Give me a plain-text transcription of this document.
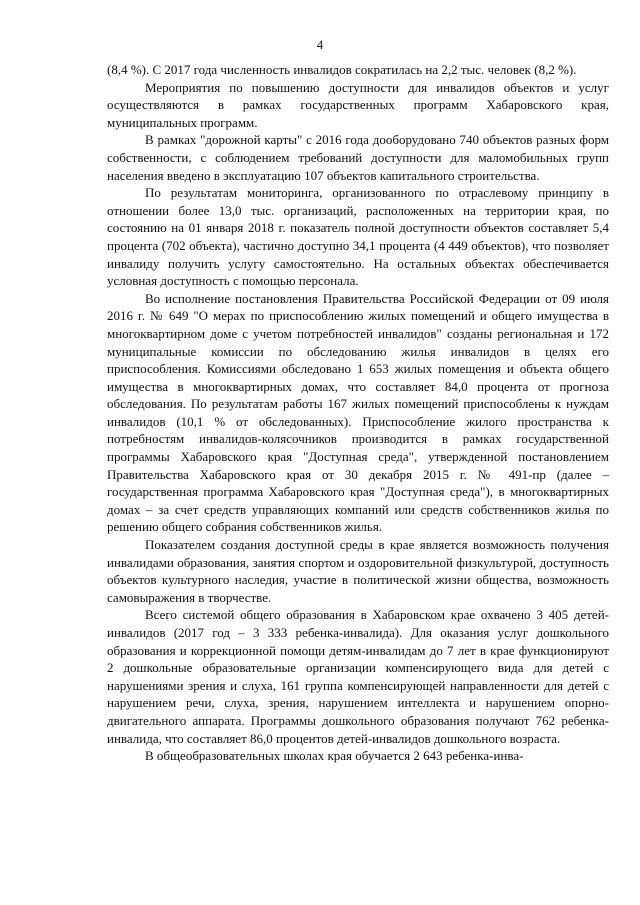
4

(8,4 %). С 2017 года численность инвалидов сократилась на 2,2 тыс. человек (8,2 %).

Мероприятия по повышению доступности для инвалидов объектов и услуг осуществляются в рамках государственных программ Хабаровского края, муниципальных программ.

В рамках "дорожной карты" с 2016 года дооборудовано 740 объектов разных форм собственности, с соблюдением требований доступности для маломобильных групп населения введено в эксплуатацию 107 объектов капитального строительства.

По результатам мониторинга, организованного по отраслевому принципу в отношении более 13,0 тыс. организаций, расположенных на территории края, по состоянию на 01 января 2018 г. показатель полной доступности объектов составляет 5,4 процента (702 объекта), частично доступно 34,1 процента (4 449 объектов), что позволяет инвалиду получить услугу самостоятельно. На остальных объектах обеспечивается условная доступность с помощью персонала.

Во исполнение постановления Правительства Российской Федерации от 09 июля 2016 г. № 649 "О мерах по приспособлению жилых помещений и общего имущества в многоквартирном доме с учетом потребностей инвалидов" созданы региональная и 172 муниципальные комиссии по обследованию жилья инвалидов в целях его приспособления. Комиссиями обследовано 1 653 жилых помещения и объекта общего имущества в многоквартирных домах, что составляет 84,0 процента от прогноза обследования. По результатам работы 167 жилых помещений приспособлены к нуждам инвалидов (10,1 % от обследованных). Приспособление жилого пространства к потребностям инвалидов-колясочников производится в рамках государственной программы Хабаровского края "Доступная среда", утвержденной постановлением Правительства Хабаровского края от 30 декабря 2015 г. № 491-пр (далее – государственная программа Хабаровского края "Доступная среда"), в многоквартирных домах – за счет средств управляющих компаний или средств собственников жилья по решению общего собрания собственников жилья.

Показателем создания доступной среды в крае является возможность получения инвалидами образования, занятия спортом и оздоровительной физкультурой, доступность объектов культурного наследия, участие в политической жизни общества, возможность самовыражения в творчестве.

Всего системой общего образования в Хабаровском крае охвачено 3 405 детей-инвалидов (2017 год – 3 333 ребенка-инвалида). Для оказания услуг дошкольного образования и коррекционной помощи детям-инвалидам до 7 лет в крае функционируют 2 дошкольные образовательные организации компенсирующего вида для детей с нарушениями зрения и слуха, 161 группа компенсирующей направленности для детей с нарушением речи, слуха, зрения, нарушением интеллекта и нарушением опорно-двигательного аппарата. Программы дошкольного образования получают 762 ребенка-инвалида, что составляет 86,0 процентов детей-инвалидов дошкольного возраста.

В общеобразовательных школах края обучается 2 643 ребенка-инва-
